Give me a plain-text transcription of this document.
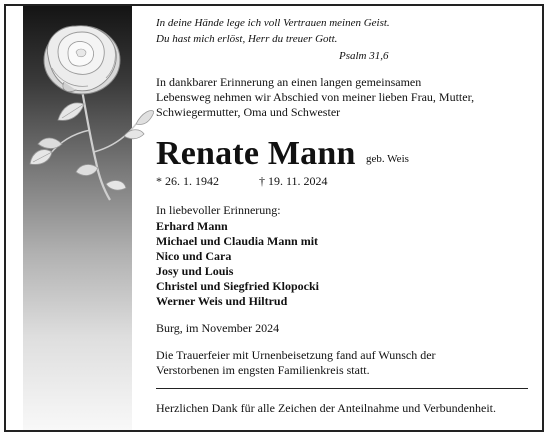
In deine Hände lege ich voll Vertrauen meinen Geist.
Du hast mich erlöst, Herr du treuer Gott.
Psalm 31,6
In dankbarer Erinnerung an einen langen gemeinsamen
Lebensweg nehmen wir Abschied von meiner lieben Frau, Mutter,
Schwiegermutter, Oma und Schwester
Renate Mann geb. Weis
* 26. 1. 1942	† 19. 11. 2024
In liebevoller Erinnerung:
Erhard Mann
Michael und Claudia Mann mit
Nico und Cara
Josy und Louis
Christel und Siegfried Klopocki
Werner Weis und Hiltrud
Burg, im November 2024
Die Trauerfeier mit Urnenbeisetzung fand auf Wunsch der
Verstorbenen im engsten Familienkreis statt.
Herzlichen Dank für alle Zeichen der Anteilnahme und Verbundenheit.
